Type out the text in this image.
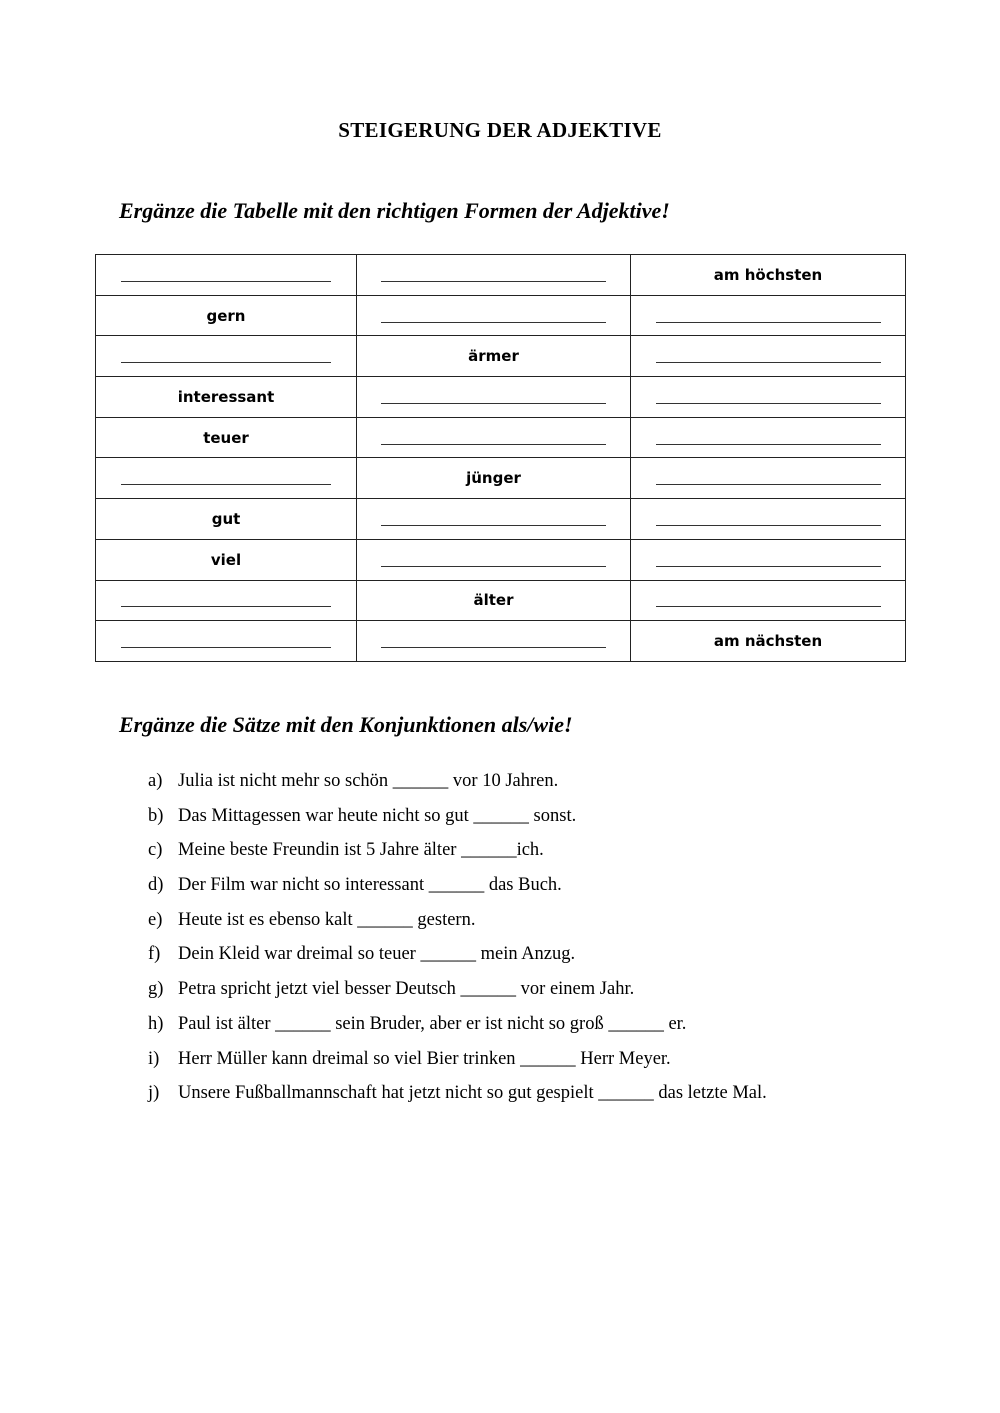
STEIGERUNG DER ADJEKTIVE
Ergänze die Tabelle mit den richtigen Formen der Adjektive!
		am höchsten
gern		
	ärmer	
interessant		
teuer		
	jünger	
gut		
viel		
	älter	
		am nächsten
Ergänze die Sätze mit den Konjunktionen als/wie!
a) Julia ist nicht mehr so schön ______ vor 10 Jahren.
b) Das Mittagessen war heute nicht so gut ______ sonst.
c) Meine beste Freundin ist 5 Jahre älter ______ich.
d) Der Film war nicht so interessant ______ das Buch.
e) Heute ist es ebenso kalt ______ gestern.
f) Dein Kleid war dreimal so teuer ______ mein Anzug.
g) Petra spricht jetzt viel besser Deutsch ______ vor einem Jahr.
h) Paul ist älter ______ sein Bruder, aber er ist nicht so groß ______ er.
i) Herr Müller kann dreimal so viel Bier trinken ______ Herr Meyer.
j) Unsere Fußballmannschaft hat jetzt nicht so gut gespielt ______ das letzte Mal.
